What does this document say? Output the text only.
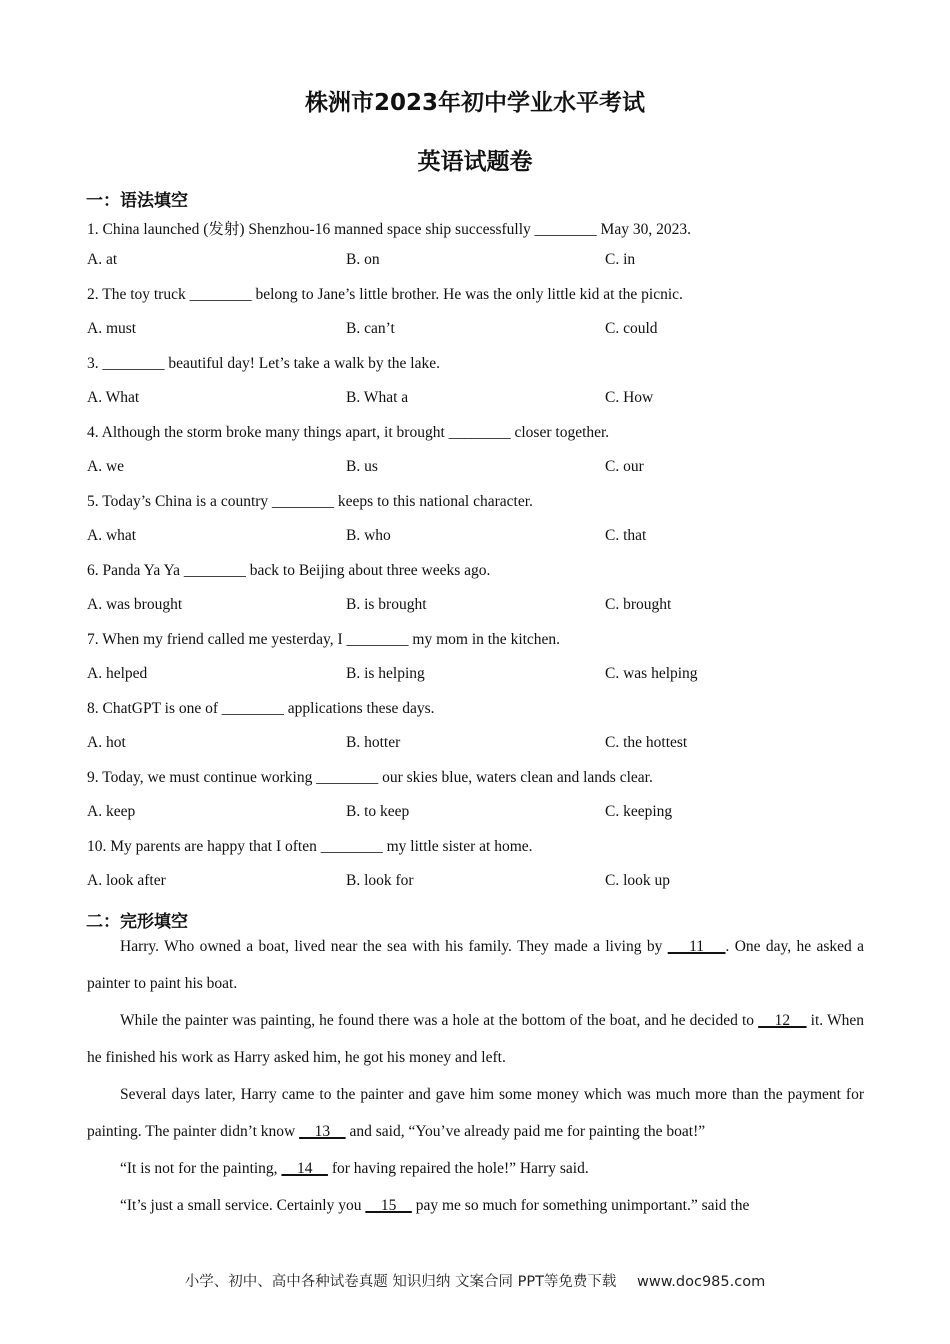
株洲市2023年初中学业水平考试
英语试题卷
一：语法填空
1. China launched (发射) Shenzhou-16 manned space ship successfully ________ May 30, 2023.
A. at	B. on	C. in
2. The toy truck ________ belong to Jane’s little brother. He was the only little kid at the picnic.
A. must	B. can’t	C. could
3. ________ beautiful day! Let’s take a walk by the lake.
A. What	B. What a	C. How
4. Although the storm broke many things apart, it brought ________ closer together.
A. we	B. us	C. our
5. Today’s China is a country ________ keeps to this national character.
A. what	B. who	C. that
6. Panda Ya Ya ________ back to Beijing about three weeks ago.
A. was brought	B. is brought	C. brought
7. When my friend called me yesterday, I ________ my mom in the kitchen.
A. helped	B. is helping	C. was helping
8. ChatGPT is one of ________ applications these days.
A. hot	B. hotter	C. the hottest
9. Today, we must continue working ________ our skies blue, waters clean and lands clear.
A. keep	B. to keep	C. keeping
10. My parents are happy that I often ________ my little sister at home.
A. look after	B. look for	C. look up
二：完形填空

Harry. Who owned a boat, lived near the sea with his family. They made a living by     11    . One day, he asked a painter to paint his boat.

While the painter was painting, he found there was a hole at the bottom of the boat, and he decided to     12     it. When he finished his work as Harry asked him, he got his money and left.

Several days later, Harry came to the painter and gave him some money which was much more than the payment for painting. The painter didn’t know     13     and said, “You’ve already paid me for painting the boat!”

“It is not for the painting,     14     for having repaired the hole!” Harry said.

“It’s just a small service. Certainly you     15     pay me so much for something unimportant.” said the

小学、初中、高中各种试卷真题 知识归纳 文案合同 PPT等免费下载 www.doc985.com
